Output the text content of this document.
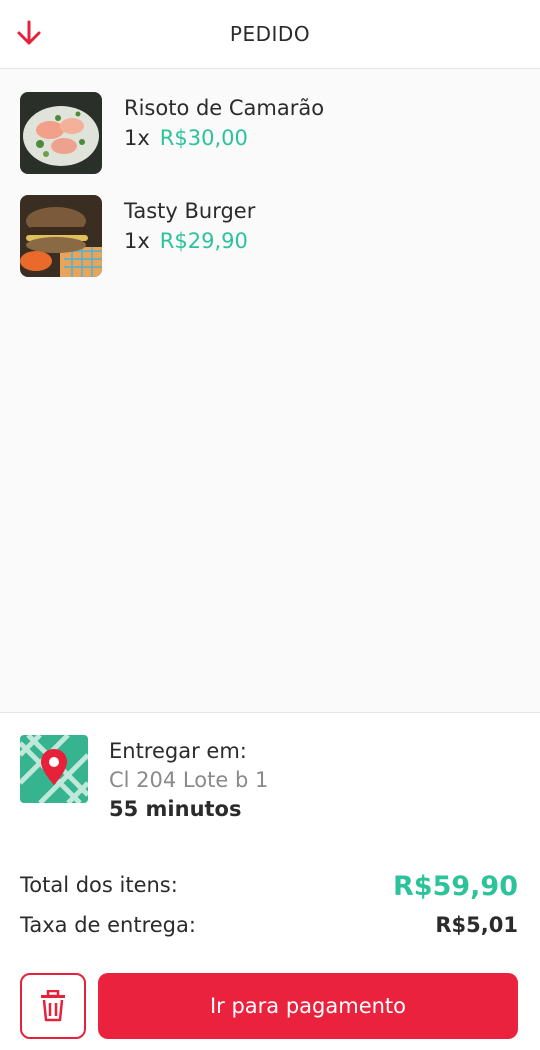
PEDIDO
Risoto de Camarão
1x R$30,00
Tasty Burger
1x R$29,90
Entregar em:
Cl 204 Lote b 1
55 minutos
Total dos itens:	R$59,90
Taxa de entrega:	R$5,01
Ir para pagamento
